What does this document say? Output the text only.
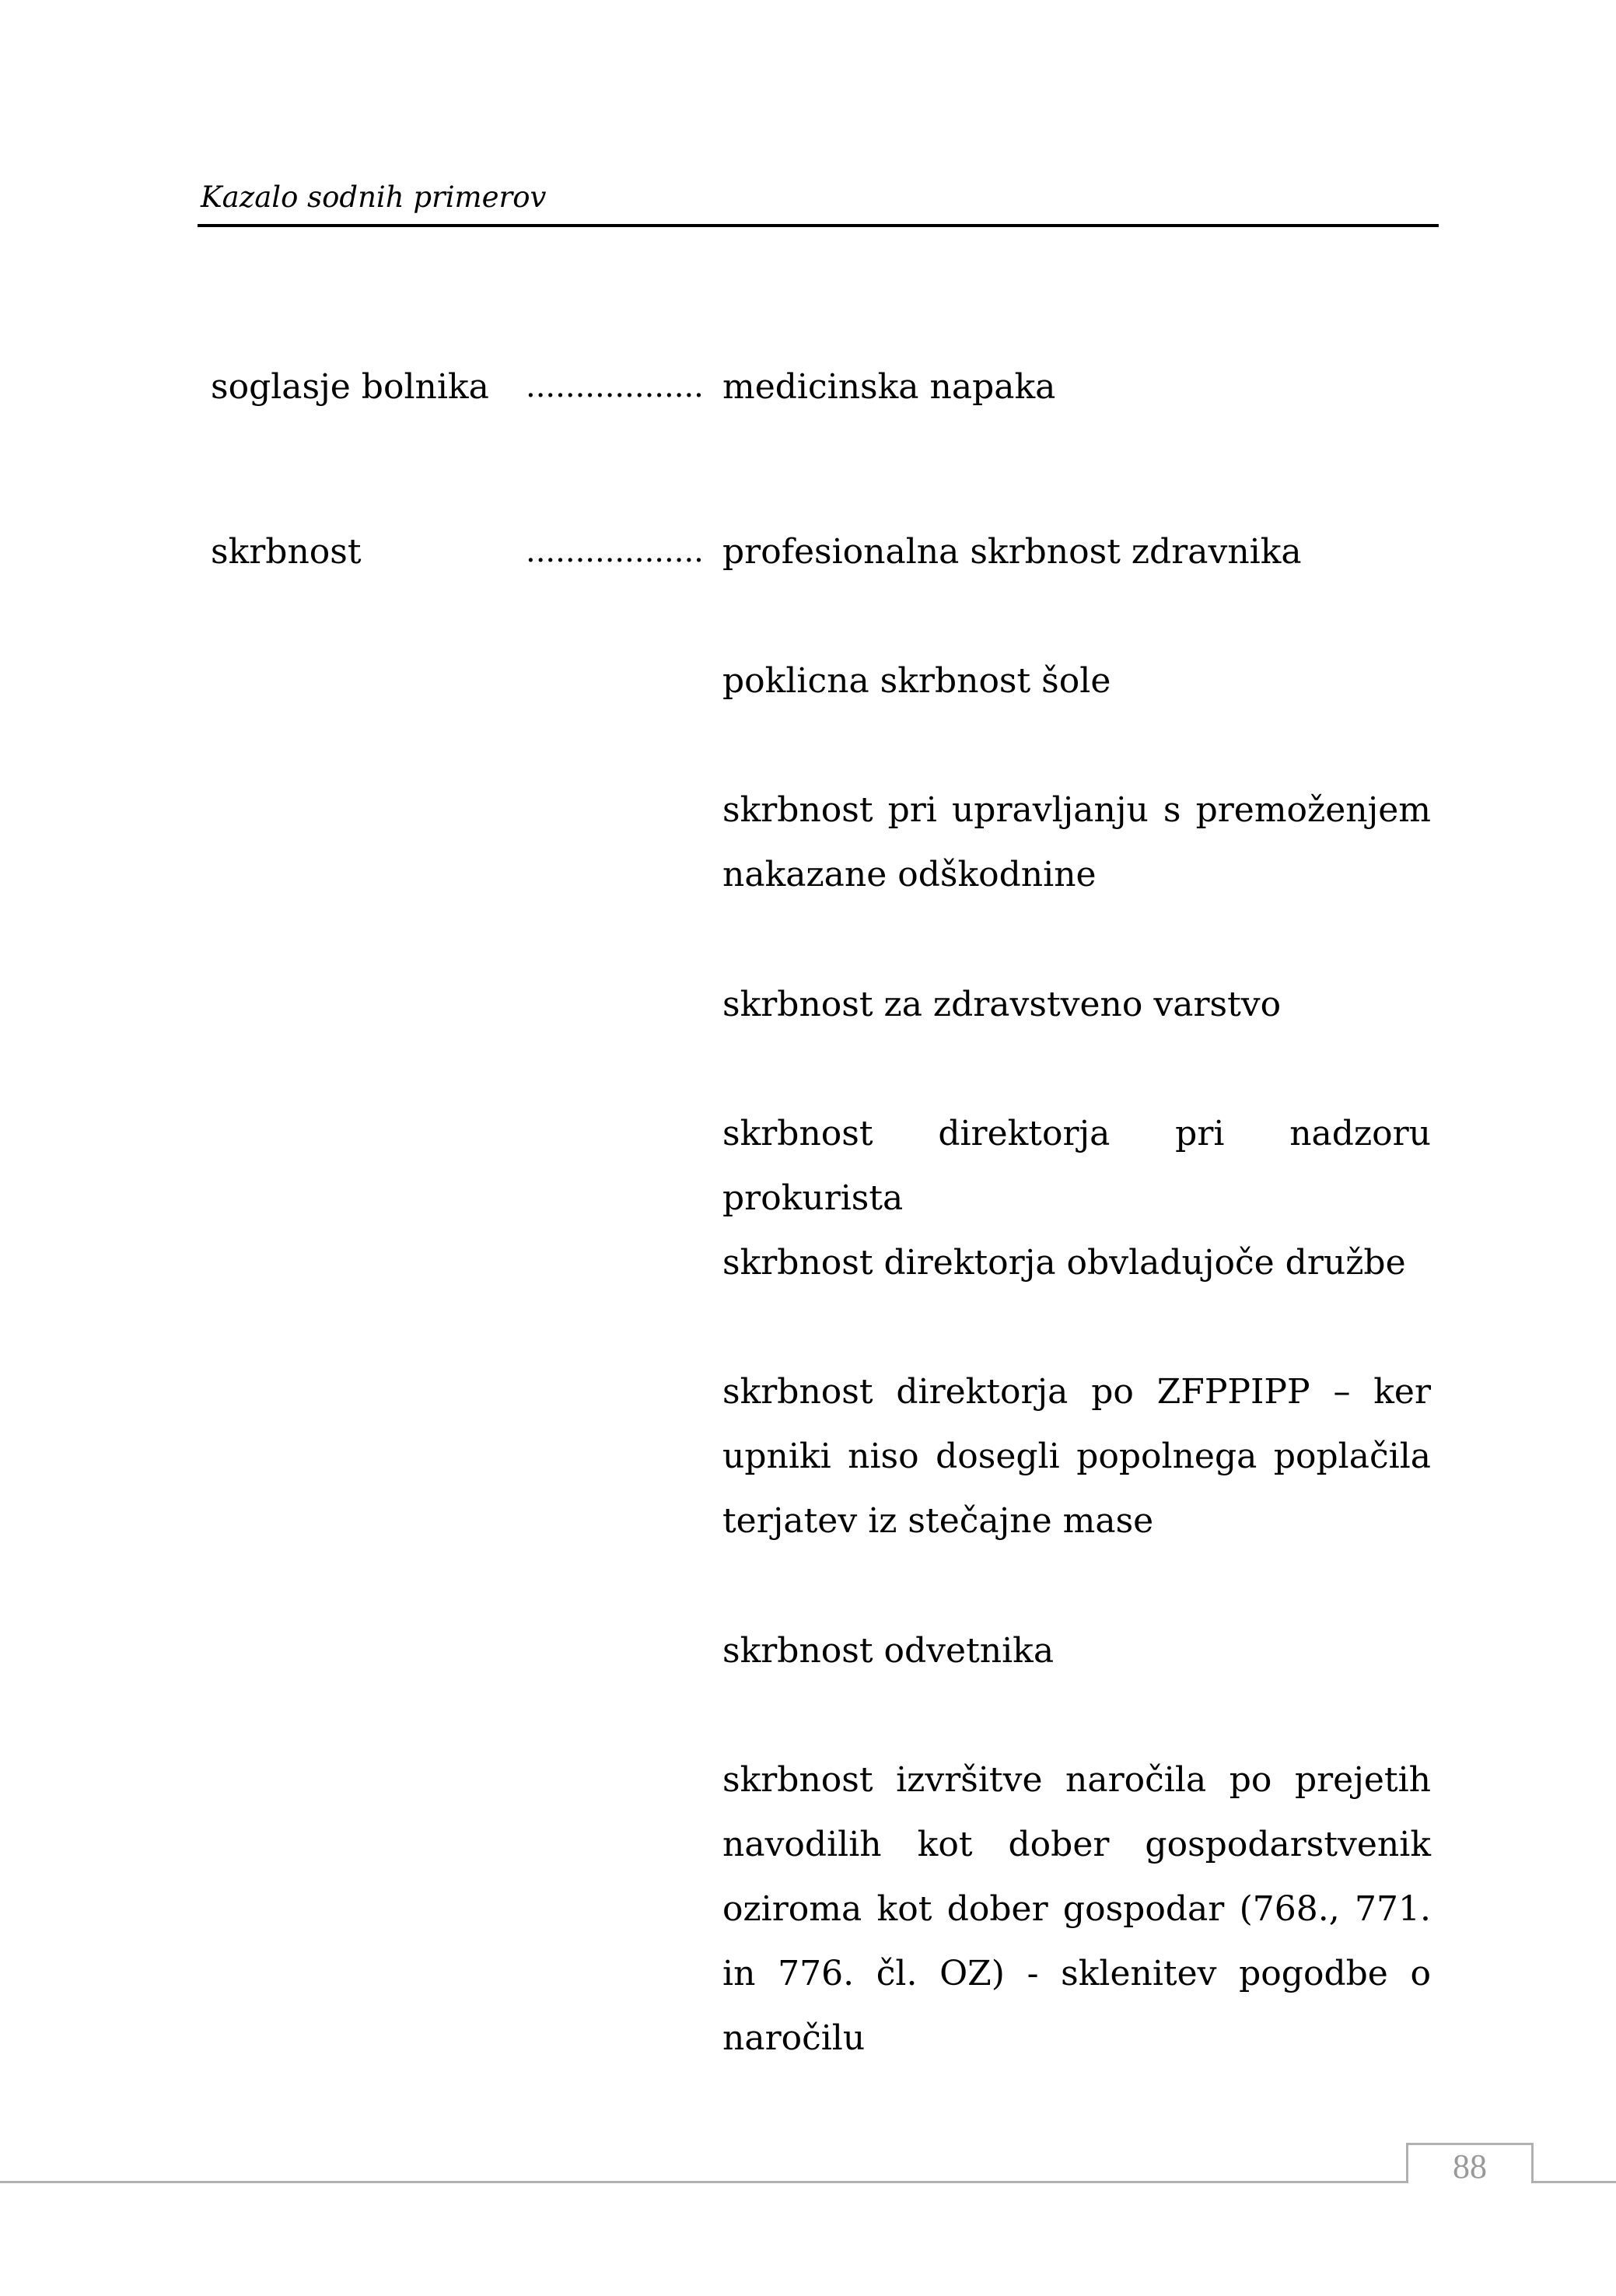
Kazalo sodnih primerov
soglasje bolnika .................. medicinska napaka
skrbnost	.................. profesionalna skrbnost zdravnika
poklicna skrbnost šole
skrbnost pri upravljanju s premoženjem nakazane odškodnine
skrbnost za zdravstveno varstvo
skrbnost direktorja pri nadzoru prokurista
skrbnost direktorja obvladujoče družbe
skrbnost direktorja po ZFPPIPP – ker upniki niso dosegli popolnega poplačila terjatev iz stečajne mase
skrbnost odvetnika
skrbnost izvršitve naročila po prejetih navodilih kot dober gospodarstvenik oziroma kot dober gospodar (768., 771. in 776. čl. OZ) - sklenitev pogodbe o naročilu
88
